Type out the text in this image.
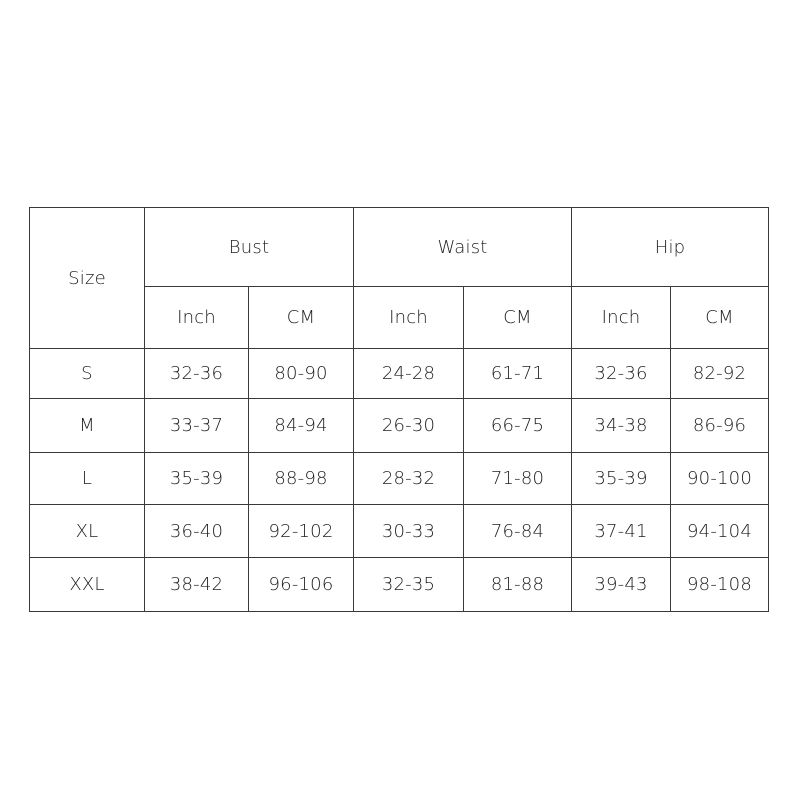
Size	Bust		Waist		Hip	
	Inch	CM	Inch	CM	Inch	CM
S	32-36	80-90	24-28	61-71	32-36	82-92
M	33-37	84-94	26-30	66-75	34-38	86-96
L	35-39	88-98	28-32	71-80	35-39	90-100
XL	36-40	92-102	30-33	76-84	37-41	94-104
XXL	38-42	96-106	32-35	81-88	39-43	98-108
